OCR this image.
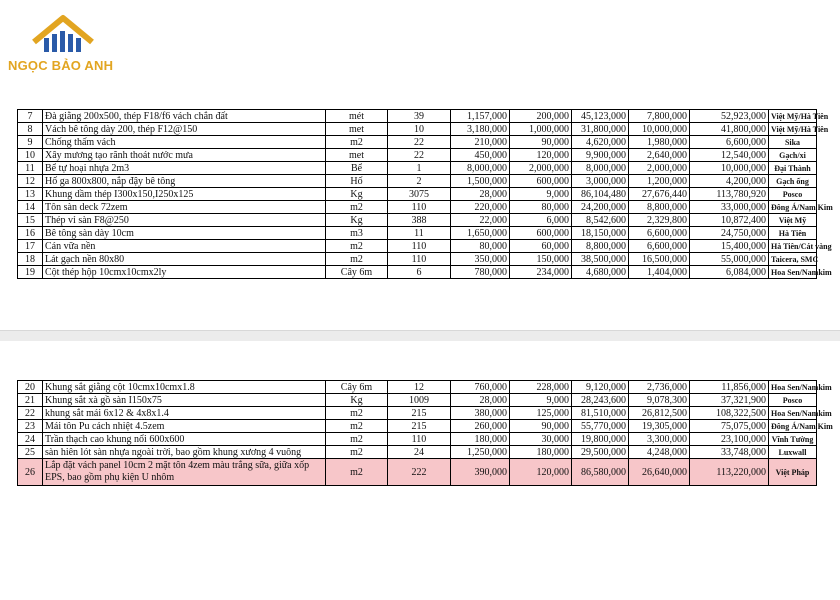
NGỌC BẢO ANH
7	Đà giằng 200x500, thép F18/f6 vách chắn đất	mét	39	1,157,000	200,000	45,123,000	7,800,000	52,923,000	Việt Mỹ/Hà Tiên
8	Vách bê tông dày 200, thép F12@150	met	10	3,180,000	1,000,000	31,800,000	10,000,000	41,800,000	Việt Mỹ/Hà Tiên
9	Chống thấm vách	m2	22	210,000	90,000	4,620,000	1,980,000	6,600,000	Sika
10	Xây mương tạo rãnh thoát nước mưa	met	22	450,000	120,000	9,900,000	2,640,000	12,540,000	Gạch/xi
11	Bể tự hoại nhựa 2m3	Bể	1	8,000,000	2,000,000	8,000,000	2,000,000	10,000,000	Đại Thành
12	Hố ga 800x800, nắp đậy bê tông	Hố	2	1,500,000	600,000	3,000,000	1,200,000	4,200,000	Gạch ống
13	Khung dầm thép I300x150,I250x125	Kg	3075	28,000	9,000	86,104,480	27,676,440	113,780,920	Posco
14	Tôn sàn deck 72zem	m2	110	220,000	80,000	24,200,000	8,800,000	33,000,000	Đông Á/Nam Kim
15	Thép vỉ sàn F8@250	Kg	388	22,000	6,000	8,542,600	2,329,800	10,872,400	Việt Mỹ
16	Bê tông sàn dày 10cm	m3	11	1,650,000	600,000	18,150,000	6,600,000	24,750,000	Hà Tiên
17	Cán vữa nền	m2	110	80,000	60,000	8,800,000	6,600,000	15,400,000	Hà Tiên/Cát vàng
18	Lát gạch nền 80x80	m2	110	350,000	150,000	38,500,000	16,500,000	55,000,000	Taicera, SMC
19	Cột thép hộp 10cmx10cmx2ly	Cây 6m	6	780,000	234,000	4,680,000	1,404,000	6,084,000	Hoa Sen/Namkim
20	Khung sắt giằng cột 10cmx10cmx1.8	Cây 6m	12	760,000	228,000	9,120,000	2,736,000	11,856,000	Hoa Sen/Namkim
21	Khung sắt xà gồ sàn I150x75	Kg	1009	28,000	9,000	28,243,600	9,078,300	37,321,900	Posco
22	khung sắt mái 6x12 & 4x8x1.4	m2	215	380,000	125,000	81,510,000	26,812,500	108,322,500	Hoa Sen/Namkim
23	Mái tôn Pu cách nhiệt 4.5zem	m2	215	260,000	90,000	55,770,000	19,305,000	75,075,000	Đông Á/Nam Kim
24	Trần thạch cao khung nổi 600x600	m2	110	180,000	30,000	19,800,000	3,300,000	23,100,000	Vĩnh Tường
25	sàn hiên lót sàn nhựa ngoài trời, bao gồm khung xương 4 vuông	m2	24	1,250,000	180,000	29,500,000	4,248,000	33,748,000	Luxwall
26	Lắp đặt vách panel 10cm 2 mặt tôn 4zem màu trắng sữa, giữa xốp EPS, bao gồm phụ kiện U nhôm	m2	222	390,000	120,000	86,580,000	26,640,000	113,220,000	Việt Pháp
